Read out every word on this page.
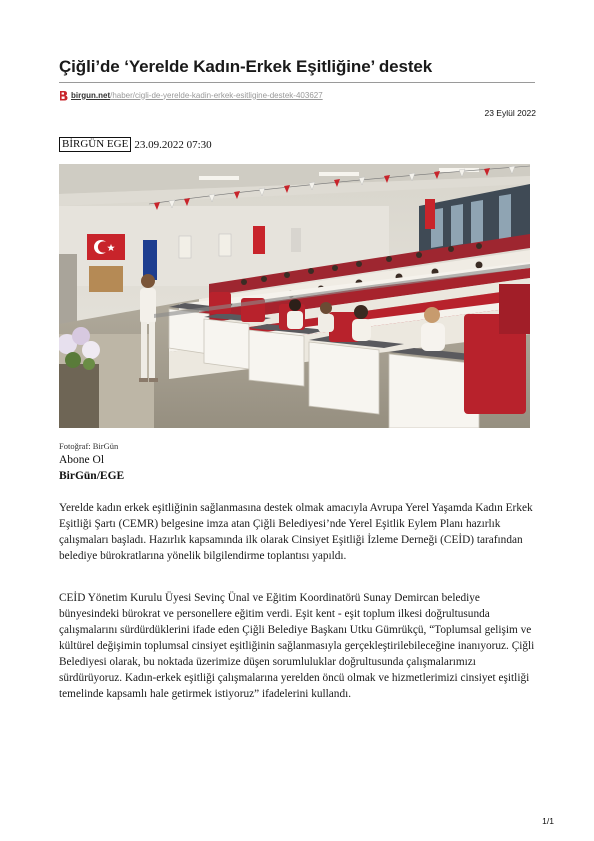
Çiğli’de ‘Yerelde Kadın-Erkek Eşitliğine’ destek
birgun.net /haber/cigli-de-yerelde-kadin-erkek-esitligine-destek-403627
23 Eylül 2022
BİRGÜN EGE 23.09.2022 07:30
Fotoğraf: BirGün
Abone Ol
BirGün/EGE

Yerelde kadın erkek eşitliğinin sağlanmasına destek olmak amacıyla Avrupa Yerel Yaşamda Kadın Erkek Eşitliği Şartı (CEMR) belgesine imza atan Çiğli Belediyesi’nde Yerel Eşitlik Eylem Planı hazırlık çalışmaları başladı. Hazırlık kapsamında ilk olarak Cinsiyet Eşitliği İzleme Derneği (CEİD) tarafından belediye bürokratlarına yönelik bilgilendirme toplantısı yapıldı.

CEİD Yönetim Kurulu Üyesi Sevinç Ünal ve Eğitim Koordinatörü Sunay Demircan belediye bünyesindeki bürokrat ve personellere eğitim verdi. Eşit kent - eşit toplum ilkesi doğrultusunda çalışmalarını sürdürdüklerini ifade eden Çiğli Belediye Başkanı Utku Gümrükçü, “Toplumsal gelişim ve kültürel değişimin toplumsal cinsiyet eşitliğinin sağlanmasıyla gerçekleştirilebileceğine inanıyoruz. Çiğli Belediyesi olarak, bu noktada üzerimize düşen sorumluluklar doğrultusunda çalışmalarımızı sürdürüyoruz. Kadın-erkek eşitliği çalışmalarına yerelden öncü olmak ve hizmetlerimizi cinsiyet eşitliği temelinde kapsamlı hale getirmek istiyoruz” ifadelerini kullandı.

1/1
